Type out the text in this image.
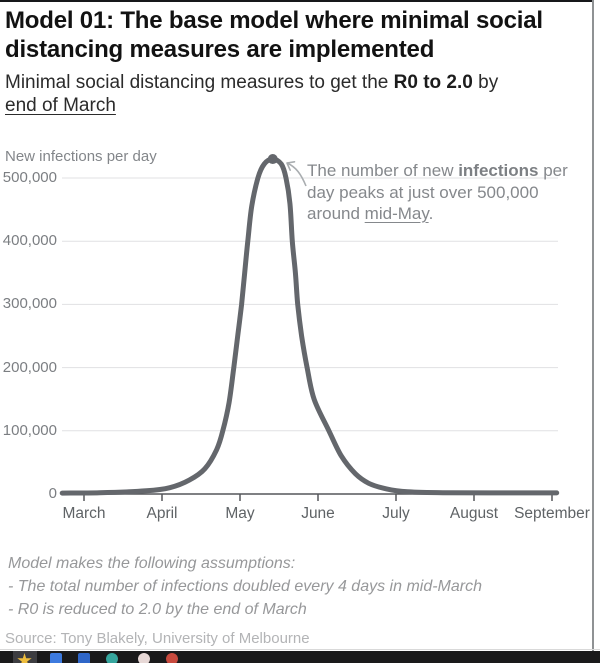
Model 01: The base model where minimal social distancing measures are implemented
Minimal social distancing measures to get the R0 to 2.0 by
end of March
New infections per day
The number of new infections per day peaks at just over 500,000 around mid-May.
500,000
400,000
300,000
200,000
100,000
0
March	April	May	June	July	August	September
Model makes the following assumptions:
- The total number of infections doubled every 4 days in mid-March
- R0 is reduced to 2.0 by the end of March
Source: Tony Blakely, University of Melbourne
